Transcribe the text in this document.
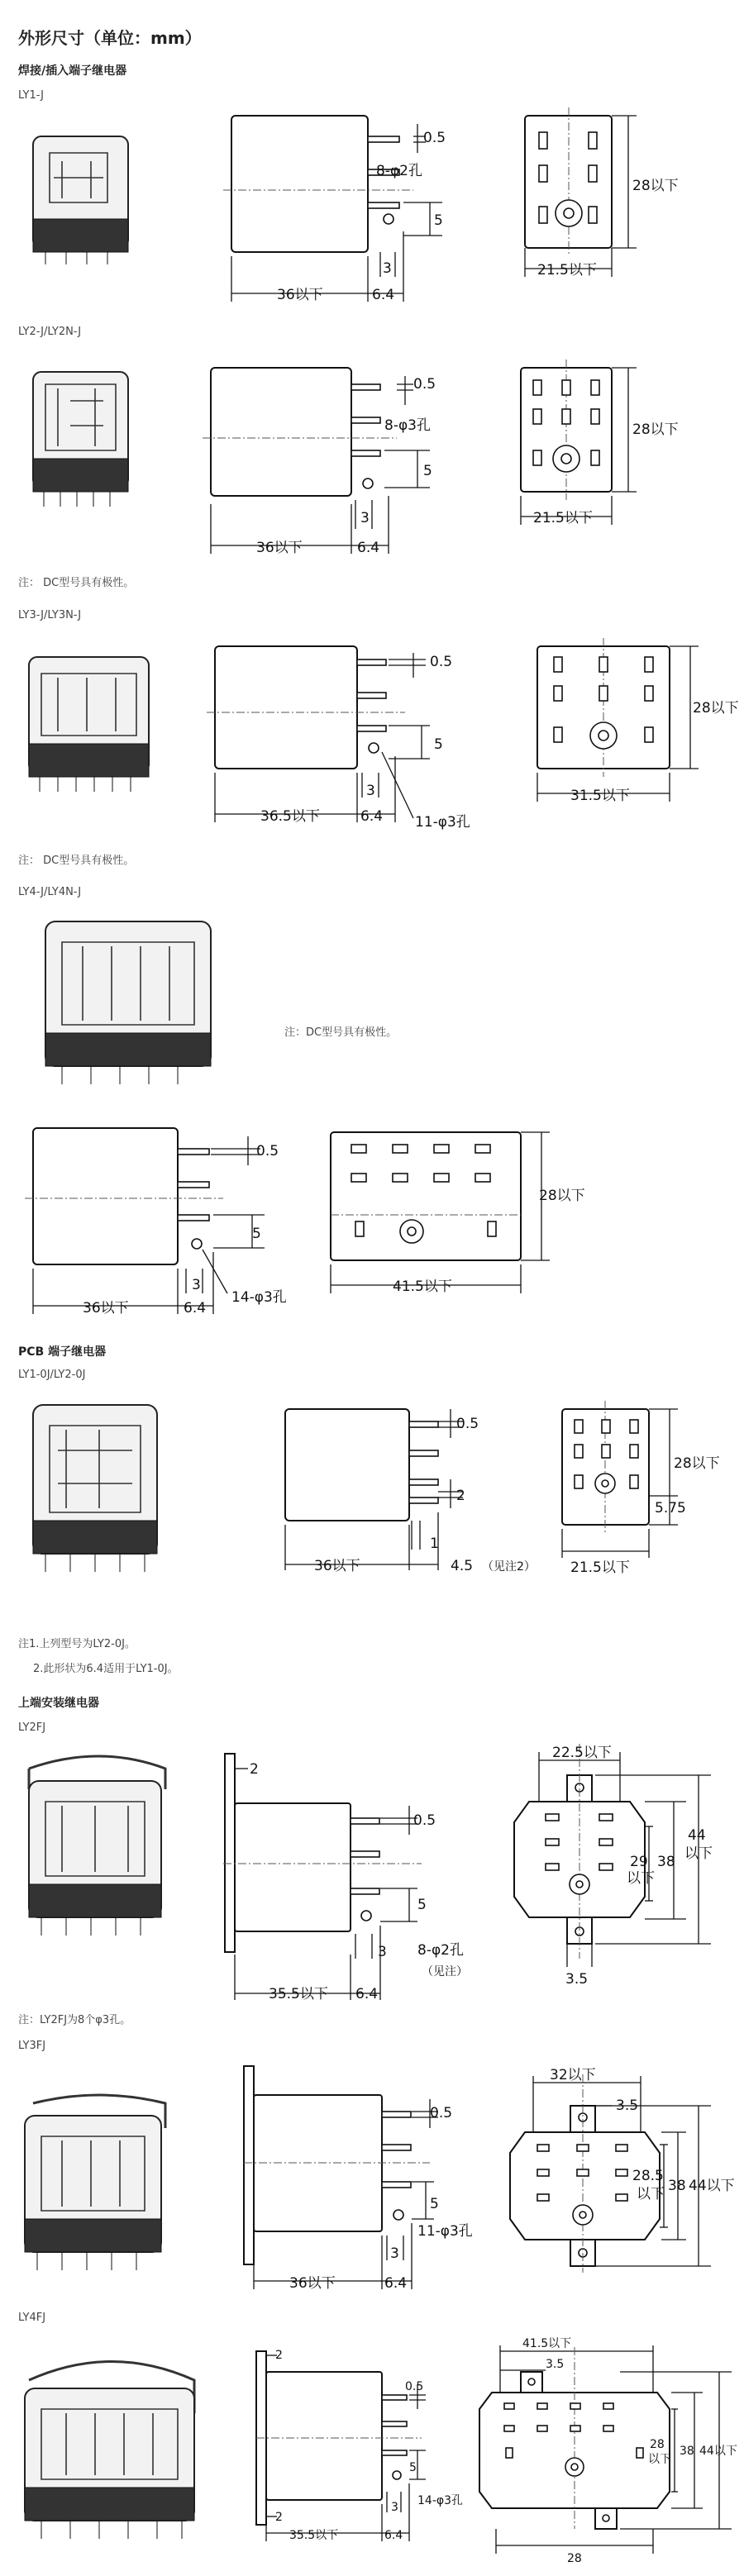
外形尺寸（单位：mm）
焊接/插入端子继电器
LY1-J
LY2-J/LY2N-J
注： DC型号具有极性。
LY3-J/LY3N-J
注： DC型号具有极性。
LY4-J/LY4N-J
注：DC型号具有极性。
PCB 端子继电器
LY1-0J/LY2-0J
注1.上列型号为LY2-0J。
2.此形状为6.4适用于LY1-0J。
上端安装继电器
LY2FJ
注：LY2FJ为8个φ3孔。
LY3FJ
LY4FJ
0.5
8-φ2孔
5
3
36以下	6.4
28以下
21.5以下
0.5
8-φ3孔
5
3
36以下	6.4
28以下
21.5以下
0.5
5
3
36.5以下	6.4 11-φ3孔
28以下
31.5以下
0.5
5
3
36以下	6.4
14-φ3孔
28以下
41.5以下
0.5
2
1
36以下	4.5 （见注2）
28以下
5.75
21.5以下
2
0.5
5
3 8-φ2孔
（见注）
35.5以下 6.4
22.5以下
29
以下
38
44
以下
3.5
0.5
5
3
11-φ3孔
36以下	6.4
32以下
3.5
28.5
以下 38 44以下
2
2
0.5
5
3 14-φ3孔
35.5以下	6.4
41.5以下
3.5
28
以下
38 44以下
28
